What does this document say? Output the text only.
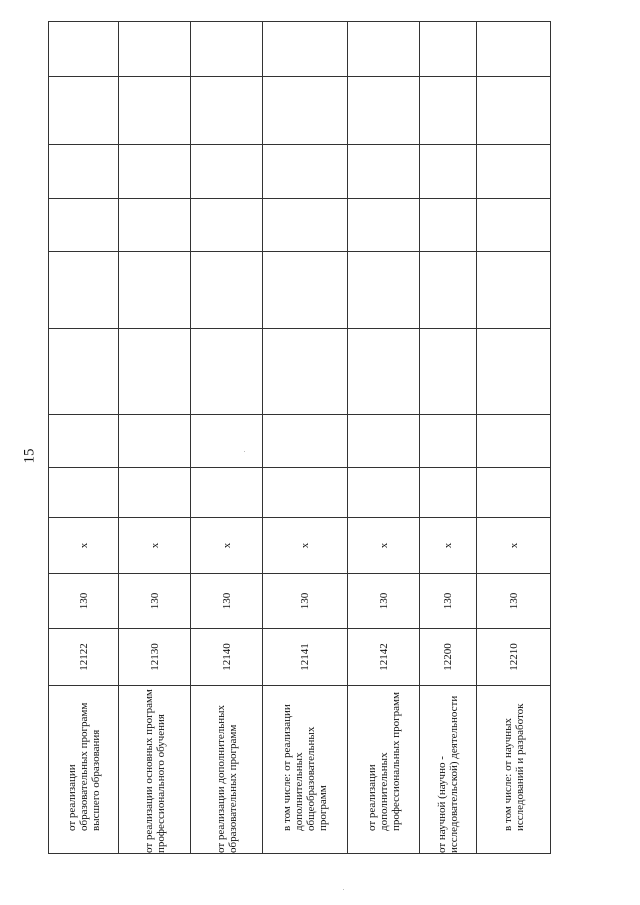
15
от реализации образовательных программ высшего образования	12122	130	x								
от реализации основных программ профессионального обучения	12130	130	x								
от реализации дополнительных образовательных программ	12140	130	x								
в том числе: от реализации дополнительных общеобразовательных программ	12141	130	x								
от реализации дополнительных профессиональных программ	12142	130	x								
от научной (научно - исследовательской) деятельности	12200	130	x								
в том числе: от научных исследований и разработок	12210	130	x								
